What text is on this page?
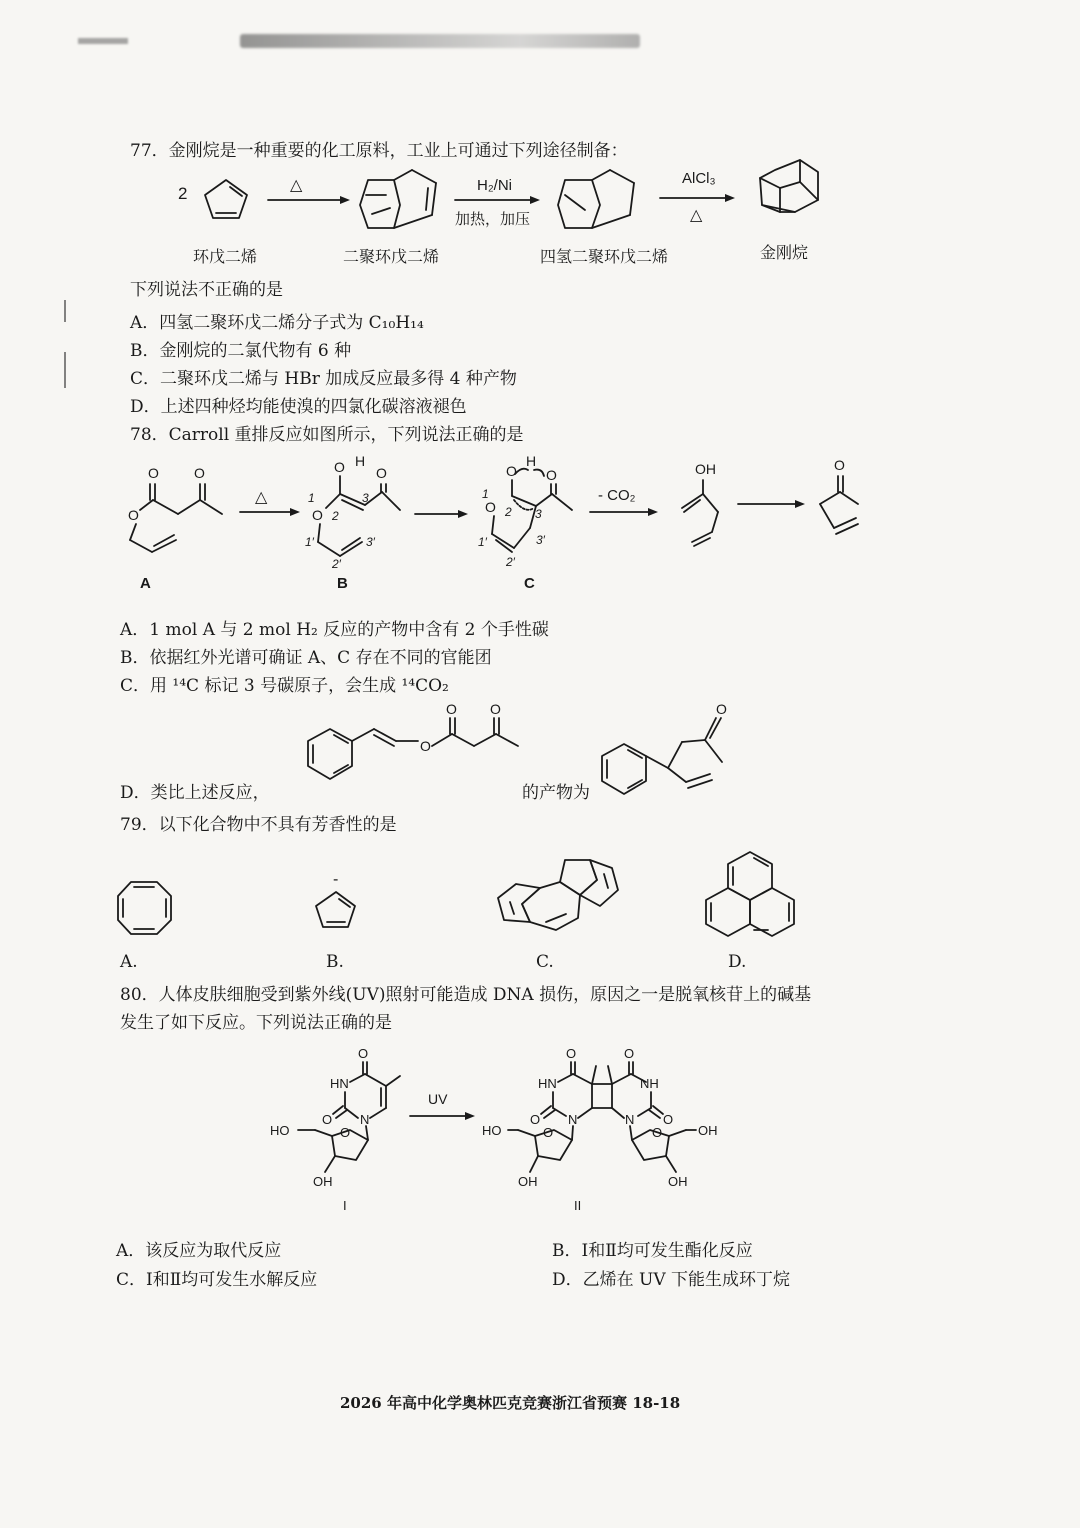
77．金刚烷是一种重要的化工原料，工业上可通过下列途径制备：
2	△	H₂/Ni
加热，加压
AlCl₃
△
环戊二烯	二聚环戊二烯	四氢二聚环戊二烯	金刚烷
下列说法不正确的是
A．四氢二聚环戊二烯分子式为 C₁₀H₁₄
B．金刚烷的二氯代物有 6 种
C．二聚环戊二烯与 HBr 加成反应最多得 4 种产物
D．上述四种烃均能使溴的四氯化碳溶液褪色
78．Carroll 重排反应如图所示，下列说法正确的是
O	O
O
A
△
O H
O
1
2
3
O
1′
2′
3′
B
O
H
O
1
2 3
O
1′
2′
3′
C
- CO₂
OH	O
A．1 mol A 与 2 mol H₂ 反应的产物中含有 2 个手性碳
B．依据红外光谱可确证 A、C 存在不同的官能团
C．用 ¹⁴C 标记 3 号碳原子，会生成 ¹⁴CO₂
D．类比上述反应，	的产物为
O
O O	O
79．以下化合物中不具有芳香性的是
-
A.	B.	C.	D.
80．人体皮肤细胞受到紫外线(UV)照射可能造成 DNA 损伤，原因之一是脱氧核苷上的碱基
发生了如下反应。下列说法正确的是
O
HN
O N
O
HO
OH
I
UV
O	O
HN	NH
O	O
N	N
O
HO
OH
O	OH
OH
II
A．该反应为取代反应	B．Ⅰ和Ⅱ均可发生酯化反应
C．Ⅰ和Ⅱ均可发生水解反应	D．乙烯在 UV 下能生成环丁烷
2026 年高中化学奥林匹克竞赛浙江省预赛 18-18
